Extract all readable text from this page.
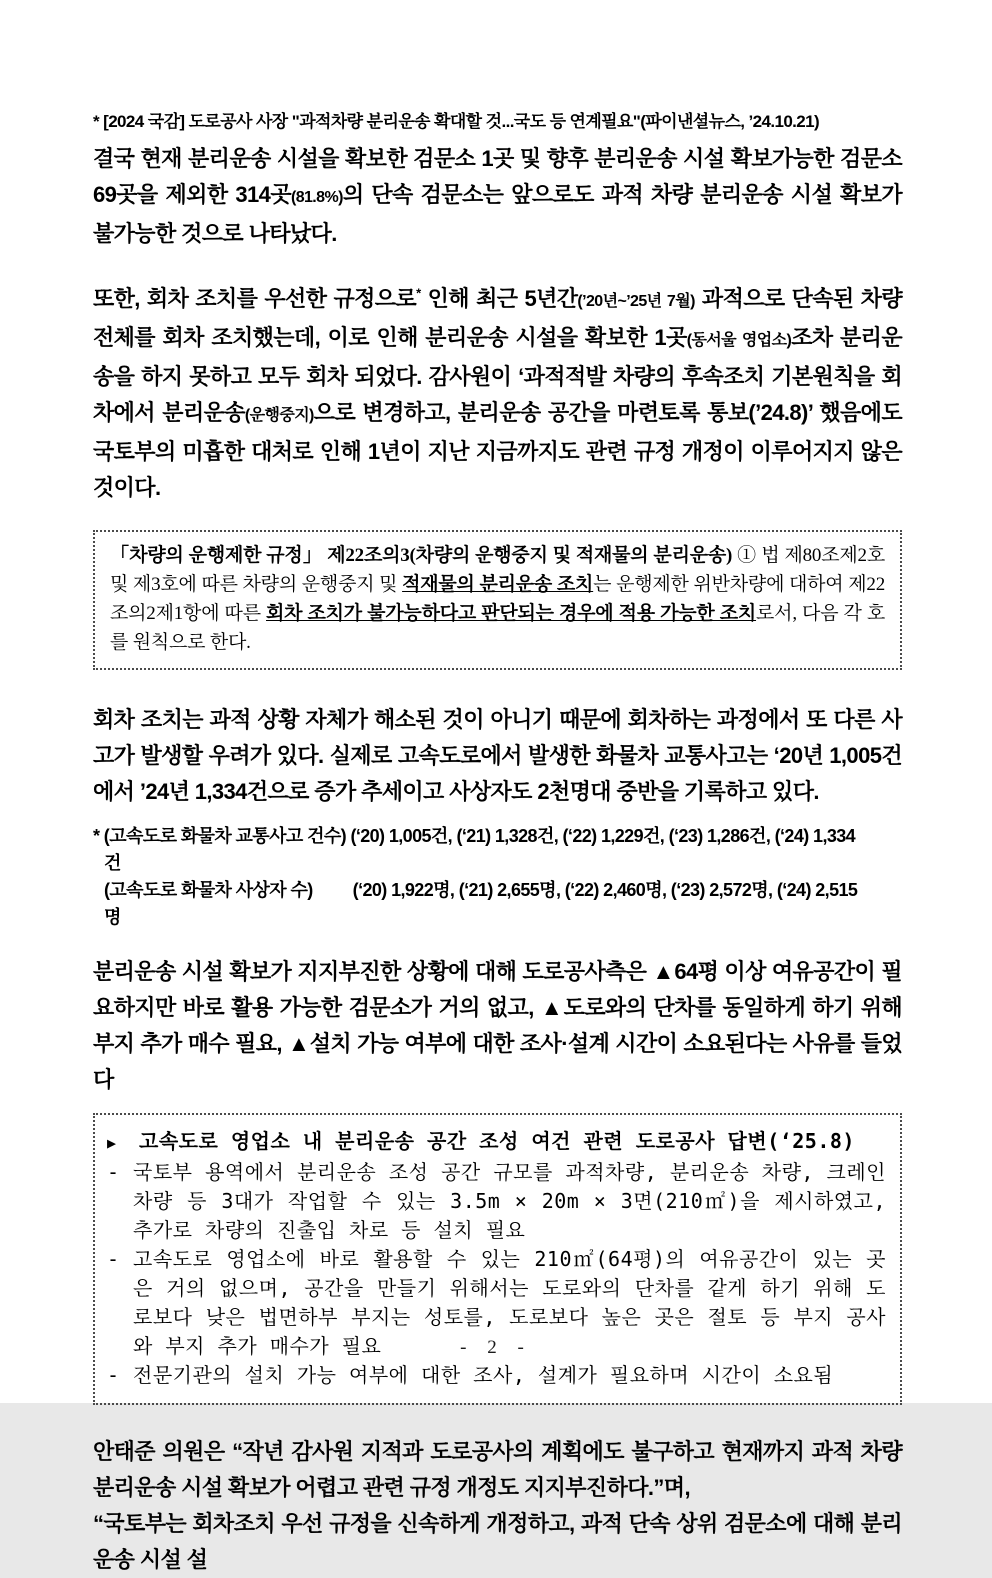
* [2024 국감] 도로공사 사장 "과적차량 분리운송 확대할 것...국도 등 연계필요"(파이낸셜뉴스, ’24.10.21)

결국 현재 분리운송 시설을 확보한 검문소 1곳 및 향후 분리운송 시설 확보가능한 검문소 69곳을 제외한 314곳(81.8%)의 단속 검문소는 앞으로도 과적 차량 분리운송 시설 확보가 불가능한 것으로 나타났다.

또한, 회차 조치를 우선한 규정으로* 인해 최근 5년간(’20년~’25년 7월) 과적으로 단속된 차량 전체를 회차 조치했는데, 이로 인해 분리운송 시설을 확보한 1곳(동서울 영업소)조차 분리운송을 하지 못하고 모두 회차 되었다. 감사원이 ‘과적적발 차량의 후속조치 기본원칙을 회차에서 분리운송(운행중지)으로 변경하고, 분리운송 공간을 마련토록 통보(’24.8)’ 했음에도 국토부의 미흡한 대처로 인해 1년이 지난 지금까지도 관련 규정 개정이 이루어지지 않은 것이다.

「차량의 운행제한 규정」 제22조의3(차량의 운행중지 및 적재물의 분리운송) ① 법 제80조제2호 및 제3호에 따른 차량의 운행중지 및 적재물의 분리운송 조치는 운행제한 위반차량에 대하여 제22조의2제1항에 따른 회차 조치가 불가능하다고 판단되는 경우에 적용 가능한 조치로서, 다음 각 호를 원칙으로 한다.

회차 조치는 과적 상황 자체가 해소된 것이 아니기 때문에 회차하는 과정에서 또 다른 사고가 발생할 우려가 있다. 실제로 고속도로에서 발생한 화물차 교통사고는 ‘20년 1,005건에서 ’24년 1,334건으로 증가 추세이고 사상자도 2천명대 중반을 기록하고 있다.

* (고속도로 화물차 교통사고 건수) (‘20) 1,005건, (‘21) 1,328건, (‘22) 1,229건, (‘23) 1,286건, (‘24) 1,334
건
(고속도로 화물차 사상자 수) (‘20) 1,922명, (‘21) 2,655명, (‘22) 2,460명, (‘23) 2,572명, (‘24) 2,515
명

분리운송 시설 확보가 지지부진한 상황에 대해 도로공사측은 ▲64평 이상 여유공간이 필요하지만 바로 활용 가능한 검문소가 거의 없고, ▲도로와의 단차를 동일하게 하기 위해 부지 추가 매수 필요, ▲설치 가능 여부에 대한 조사·설계 시간이 소요된다는 사유를 들었다

▶	고속도로 영업소 내 분리운송 공간 조성 여건 관련 도로공사 답변(‘25.8)
- 국토부 용역에서 분리운송 조성 공간 규모를 과적차량, 분리운송 차량, 크레인 차량 등 3대가 작업할 수 있는 3.5m × 20m × 3면(210㎡)을 제시하였고, 추가로 차량의 진출입 차로 등 설치 필요
- 고속도로 영업소에 바로 활용할 수 있는 210㎡(64평)의 여유공간이 있는 곳은 거의 없으며, 공간을 만들기 위해서는 도로와의 단차를 같게 하기 위해 도로보다 낮은 법면하부 부지는 성토를, 도로보다 높은 곳은 절토 등 부지 공사와 부지 추가 매수가 필요
- 전문기관의 설치 가능 여부에 대한 조사, 설계가 필요하며 시간이 소요됨

안태준 의원은 “작년 감사원 지적과 도로공사의 계획에도 불구하고 현재까지 과적 차량 분리운송 시설 확보가 어렵고 관련 규정 개정도 지지부진하다.”며,
“국토부는 회차조치 우선 규정을 신속하게 개정하고, 과적 단속 상위 검문소에 대해 분리운송 시설 설

- 2 -
